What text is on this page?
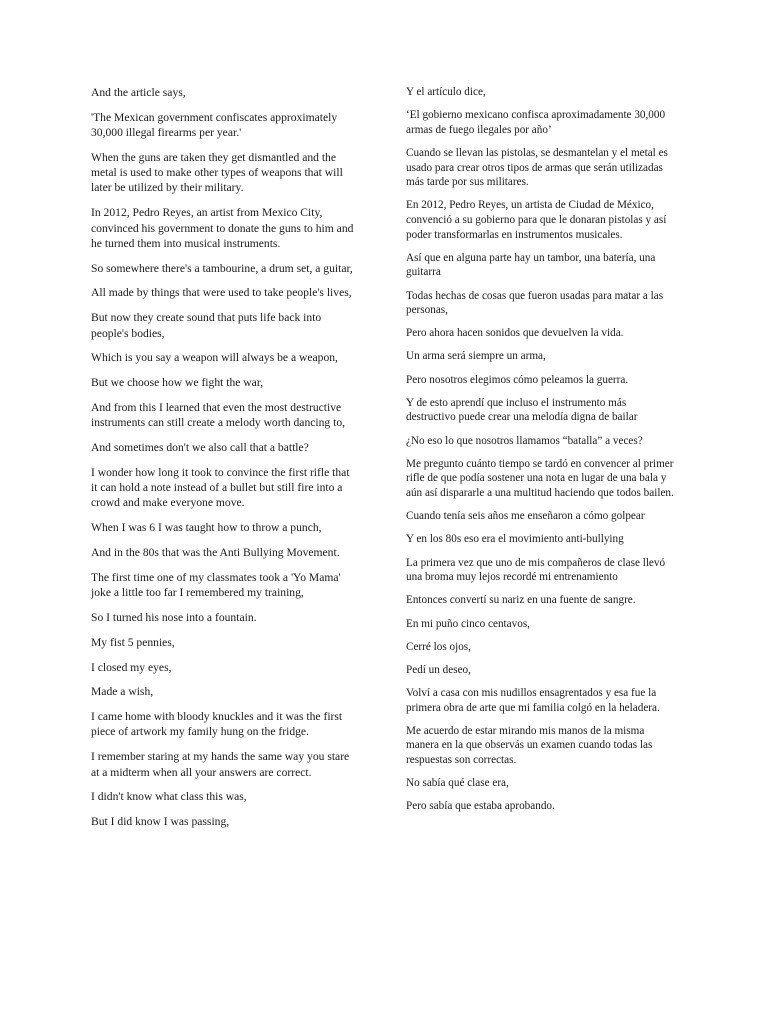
And the article says,

'The Mexican government confiscates approximately 30,000 illegal firearms per year.'

When the guns are taken they get dismantled and the metal is used to make other types of weapons that will later be utilized by their military.

In 2012, Pedro Reyes, an artist from Mexico City, convinced his government to donate the guns to him and he turned them into musical instruments.

So somewhere there's a tambourine, a drum set, a guitar,

All made by things that were used to take people's lives,

But now they create sound that puts life back into people's bodies,

Which is you say a weapon will always be a weapon,

But we choose how we fight the war,

And from this I learned that even the most destructive instruments can still create a melody worth dancing to,

And sometimes don't we also call that a battle?

I wonder how long it took to convince the first rifle that it can hold a note instead of a bullet but still fire into a crowd and make everyone move.

When I was 6 I was taught how to throw a punch,

And in the 80s that was the Anti Bullying Movement.

The first time one of my classmates took a 'Yo Mama' joke a little too far I remembered my training,

So I turned his nose into a fountain.

My fist 5 pennies,

I closed my eyes,

Made a wish,

I came home with bloody knuckles and it was the first piece of artwork my family hung on the fridge.

I remember staring at my hands the same way you stare at a midterm when all your answers are correct.

I didn't know what class this was,

But I did know I was passing,

Y el artículo dice,

‘El gobierno mexicano confisca aproximadamente 30,000 armas de fuego ilegales por año’

Cuando se llevan las pistolas, se desmantelan y el metal es usado para crear otros tipos de armas que serán utilizadas más tarde por sus militares.

En 2012, Pedro Reyes, un artista de Ciudad de México, convenció a su gobierno para que le donaran pistolas y así poder transformarlas en instrumentos musicales.

Así que en alguna parte hay un tambor, una batería, una guitarra

Todas hechas de cosas que fueron usadas para matar a las personas,

Pero ahora hacen sonidos que devuelven la vida.

Un arma será siempre un arma,

Pero nosotros elegimos cómo peleamos la guerra.

Y de esto aprendí que incluso el instrumento más destructivo puede crear una melodía digna de bailar

¿No eso lo que nosotros llamamos “batalla” a veces?

Me pregunto cuánto tiempo se tardó en convencer al primer rifle de que podía sostener una nota en lugar de una bala y aún así dispararle a una multitud haciendo que todos bailen.

Cuando tenía seis años me enseñaron a cómo golpear

Y en los 80s eso era el movimiento anti-bullying

La primera vez que uno de mis compañeros de clase llevó una broma muy lejos recordé mi entrenamiento

Entonces convertí su nariz en una fuente de sangre.

En mi puño cinco centavos,

Cerré los ojos,

Pedí un deseo,

Volví a casa con mis nudillos ensagrentados y esa fue la primera obra de arte que mi familia colgó en la heladera.

Me acuerdo de estar mirando mis manos de la misma manera en la que observás un examen cuando todas las respuestas son correctas.

No sabía qué clase era,

Pero sabía que estaba aprobando.
